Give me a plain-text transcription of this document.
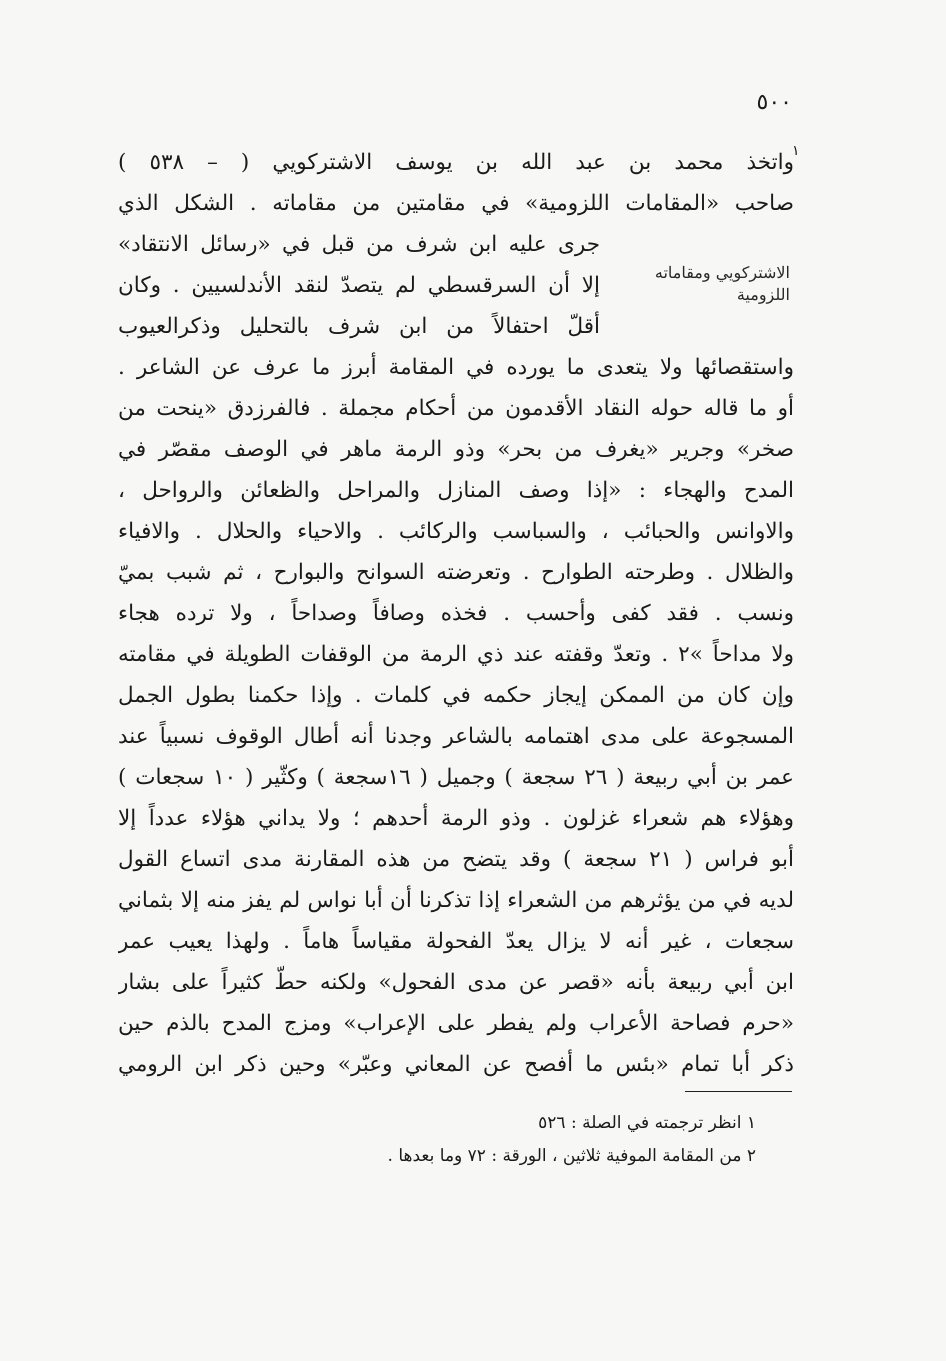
٥٠٠
١
واتخذ محمد بن عبد الله بن يوسف الاشتركويي ( – ٥٣٨ )
صاحب «المقامات اللزومية» في مقامتين من مقاماته . الشكل الذي
جرى عليه ابن شرف من قبل في «رسائل الانتقاد»
إلا أن السرقسطي لم يتصدّ لنقد الأندلسيين . وكان
أقلّ احتفالاً من ابن شرف بالتحليل وذكرالعيوب
الاشتركويي ومقاماته
اللزومية
واستقصائها ولا يتعدى ما يورده في المقامة أبرز ما عرف عن الشاعر .
أو ما قاله حوله النقاد الأقدمون من أحكام مجملة . فالفرزدق «ينحت من
صخر» وجرير «يغرف من بحر» وذو الرمة ماهر في الوصف مقصّر في
المدح والهجاء : «إذا وصف المنازل والمراحل والظعائن والرواحل ،
والاوانس والحبائب ، والسباسب والركائب . والاحياء والحلال . والافياء
والظلال . وطرحته الطوارح . وتعرضته السوانح والبوارح ، ثم شبب بميّ
ونسب . فقد كفى وأحسب . فخذه وصافاً وصداحاً ، ولا ترده هجاء
ولا مداحاً »٢ . وتعدّ وقفته عند ذي الرمة من الوقفات الطويلة في مقامته
وإن كان من الممكن إيجاز حكمه في كلمات . وإذا حكمنا بطول الجمل
المسجوعة على مدى اهتمامه بالشاعر وجدنا أنه أطال الوقوف نسبياً عند
عمر بن أبي ربيعة ( ٢٦ سجعة ) وجميل ( ١٦سجعة ) وكثّير ( ١٠ سجعات )
وهؤلاء هم شعراء غزلون . وذو الرمة أحدهم ؛ ولا يداني هؤلاء عدداً إلا
أبو فراس ( ٢١ سجعة ) وقد يتضح من هذه المقارنة مدى اتساع القول
لديه في من يؤثرهم من الشعراء إذا تذكرنا أن أبا نواس لم يفز منه إلا بثماني
سجعات ، غير أنه لا يزال يعدّ الفحولة مقياساً هاماً . ولهذا يعيب عمر
ابن أبي ربيعة بأنه «قصر عن مدى الفحول» ولكنه حطّ كثيراً على بشار
«حرم فصاحة الأعراب ولم يفطر على الإعراب» ومزج المدح بالذم حين
ذكر أبا تمام «بئس ما أفصح عن المعاني وعبّر» وحين ذكر ابن الرومي
١ انظر ترجمته في الصلة : ٥٢٦
٢ من المقامة الموفية ثلاثين ، الورقة : ٧٢ وما بعدها .
